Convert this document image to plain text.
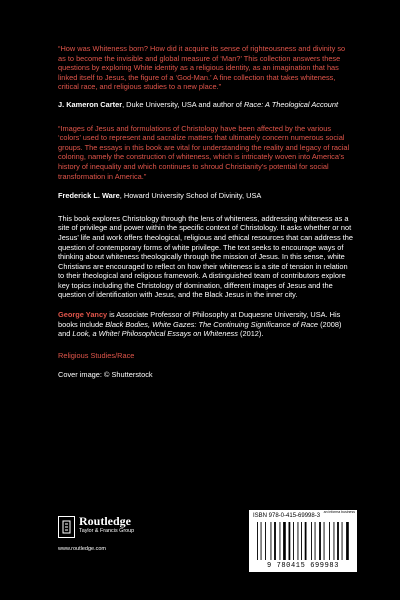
“How was Whiteness born? How did it acquire its sense of righteousness and divinity so as to become the invisible and global measure of ‘Man?’ This collection answers these questions by exploring White identity as a religious identity, as an imagination that has linked itself to Jesus, the figure of a ‘God-Man.’ A fine collection that takes whiteness, critical race, and religious studies to a new place.”

J. Kameron Carter, Duke University, USA and author of Race: A Theological Account

“Images of Jesus and formulations of Christology have been affected by the various ‘colors’ used to represent and sacralize matters that ultimately concern numerous social groups. The essays in this book are vital for understanding the reality and legacy of racial coloring, namely the construction of whiteness, which is intricately woven into America’s history of inequality and which continues to shroud Christianity’s potential for social transformation in America.”

Frederick L. Ware, Howard University School of Divinity, USA

This book explores Christology through the lens of whiteness, addressing whiteness as a site of privilege and power within the specific context of Christology. It asks whether or not Jesus’ life and work offers theological, religious and ethical resources that can address the question of contemporary forms of white privilege. The text seeks to encourage ways of thinking about whiteness theologically through the mission of Jesus. In this sense, white Christians are encouraged to reflect on how their whiteness is a site of tension in relation to their theological and religious framework. A distinguished team of contributors explore key topics including the Christology of domination, different images of Jesus and the question of identification with Jesus, and the Black Jesus in the inner city.

George Yancy is Associate Professor of Philosophy at Duquesne University, USA. His books include Black Bodies, White Gazes: The Continuing Significance of Race (2008) and Look, a White! Philosophical Essays on Whiteness (2012).

Religious Studies/Race

Cover image: © Shutterstock

Routledge
Taylor & Francis Group
www.routledge.com
an informa business
ISBN 978-0-415-69998-3
9 780415 699983
